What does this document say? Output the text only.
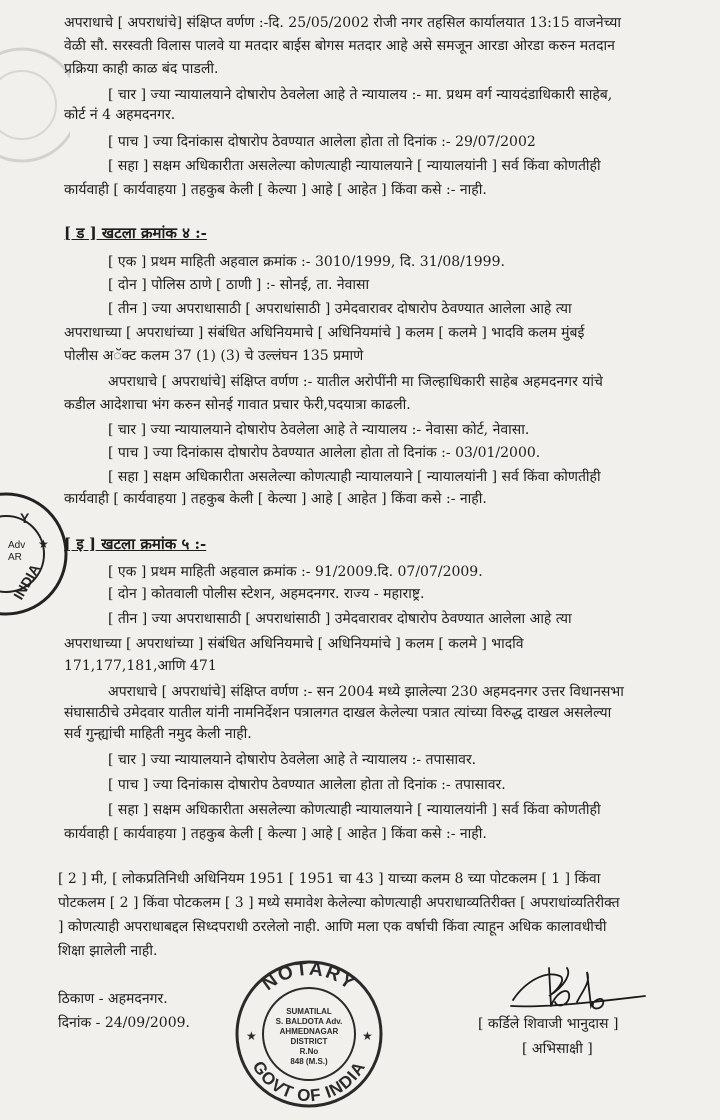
Y
Adv
AR
★
INDIA
अपराधाचे [ अपराधांचे] संक्षिप्त वर्णण :-दि. 25/05/2002 रोजी नगर तहसिल कार्यालयात 13:15 वाजनेच्या
वेळी सौ. सरस्वती विलास पालवे या मतदार बाईस बोगस मतदार आहे असे समजून आरडा ओरडा करुन मतदान
प्रक्रिया काही काळ बंद पाडली.
[ चार ] ज्या न्यायालयाने दोषारोप ठेवलेला आहे ते न्यायालय :- मा. प्रथम वर्ग न्यायदंडाधिकारी साहेब,
कोर्ट नं 4 अहमदनगर.
[ पाच ] ज्या दिनांकास दोषारोप ठेवण्यात आलेला होता तो दिनांक :- 29/07/2002
[ सहा ] सक्षम अधिकारीता असलेल्या कोणत्याही न्यायालयाने [ न्यायालयांनी ] सर्व किंवा कोणतीही
कार्यवाही [ कार्यवाहया ] तहकुब केली [ केल्या ] आहे [ आहेत ] किंवा कसे :- नाही.
[ ड ] खटला क्रमांक ४ :-
[ एक ] प्रथम माहिती अहवाल क्रमांक :- 3010/1999, दि. 31/08/1999.
[ दोन ] पोलिस ठाणे [ ठाणी ] :- सोनई, ता. नेवासा
[ तीन ] ज्या अपराधासाठी [ अपराधांसाठी ] उमेदवारावर दोषारोप ठेवण्यात आलेला आहे त्या
अपराधाच्या [ अपराधांच्या ] संबंधित अधिनियमाचे [ अधिनियमांचे ] कलम [ कलमे ] भादवि कलम मुंबई
पोलीस अॅक्ट कलम 37 (1) (3) चे उल्लंघन 135 प्रमाणे
अपराधाचे [ अपराधांचे] संक्षिप्त वर्णण :- यातील अरोपींनी मा जिल्हाधिकारी साहेब अहमदनगर यांचे
कडील आदेशाचा भंग करुन सोनई गावात प्रचार फेरी,पदयात्रा काढली.
[ चार ] ज्या न्यायालयाने दोषारोप ठेवलेला आहे ते न्यायालय :- नेवासा कोर्ट, नेवासा.
[ पाच ] ज्या दिनांकास दोषारोप ठेवण्यात आलेला होता तो दिनांक :- 03/01/2000.
[ सहा ] सक्षम अधिकारीता असलेल्या कोणत्याही न्यायालयाने [ न्यायालयांनी ] सर्व किंवा कोणतीही
कार्यवाही [ कार्यवाहया ] तहकुब केली [ केल्या ] आहे [ आहेत ] किंवा कसे :- नाही.
[ इ ] खटला क्रमांक ५ :-
[ एक ] प्रथम माहिती अहवाल क्रमांक :- 91/2009.दि. 07/07/2009.
[ दोन ] कोतवाली पोलीस स्टेशन, अहमदनगर. राज्य - महाराष्ट्र.
[ तीन ] ज्या अपराधासाठी [ अपराधांसाठी ] उमेदवारावर दोषारोप ठेवण्यात आलेला आहे त्या
अपराधाच्या [ अपराधांच्या ] संबंधित अधिनियमाचे [ अधिनियमांचे ] कलम [ कलमे ] भादवि
171,177,181,आणि 471
अपराधाचे [ अपराधांचे] संक्षिप्त वर्णण :- सन 2004 मध्ये झालेल्या 230 अहमदनगर उत्तर विधानसभा
संघासाठीचे उमेदवार यातील यांनी नामनिर्देशन पत्रालगत दाखल केलेल्या पत्रात त्यांच्या विरुद्ध दाखल असलेल्या
सर्व गुन्ह्यांची माहिती नमुद केली नाही.
[ चार ] ज्या न्यायालयाने दोषारोप ठेवलेला आहे ते न्यायालय :- तपासावर.
[ पाच ] ज्या दिनांकास दोषारोप ठेवण्यात आलेला होता तो दिनांक :- तपासावर.
[ सहा ] सक्षम अधिकारीता असलेल्या कोणत्याही न्यायालयाने [ न्यायालयांनी ] सर्व किंवा कोणतीही
कार्यवाही [ कार्यवाहया ] तहकुब केली [ केल्या ] आहे [ आहेत ] किंवा कसे :- नाही.
[ 2 ] मी, [ लोकप्रतिनिधी अधिनियम 1951 [ 1951 चा 43 ] याच्या कलम 8 च्या पोटकलम [ 1 ] किंवा
पोटकलम [ 2 ] किंवा पोटकलम [ 3 ] मध्ये समावेश केलेल्या कोणत्याही अपराधाव्यतिरीक्त [ अपराधांव्यतिरीक्त
] कोणत्याही अपराधाबद्दल सिध्दपराधी ठरलेलो नाही. आणि मला एक वर्षाची किंवा त्याहून अधिक कालावधीची
शिक्षा झालेली नाही.
ठिकाण - अहमदनगर.
दिनांक - 24/09/2009.
NOTARY
GOVT OF INDIA
★	★
SUMATILAL
S. BALDOTA Adv.
AHMEDNAGAR
DISTRICT
R.No
848 (M.S.)
[ कर्डिले शिवाजी भानुदास ]
[ अभिसाक्षी ]
